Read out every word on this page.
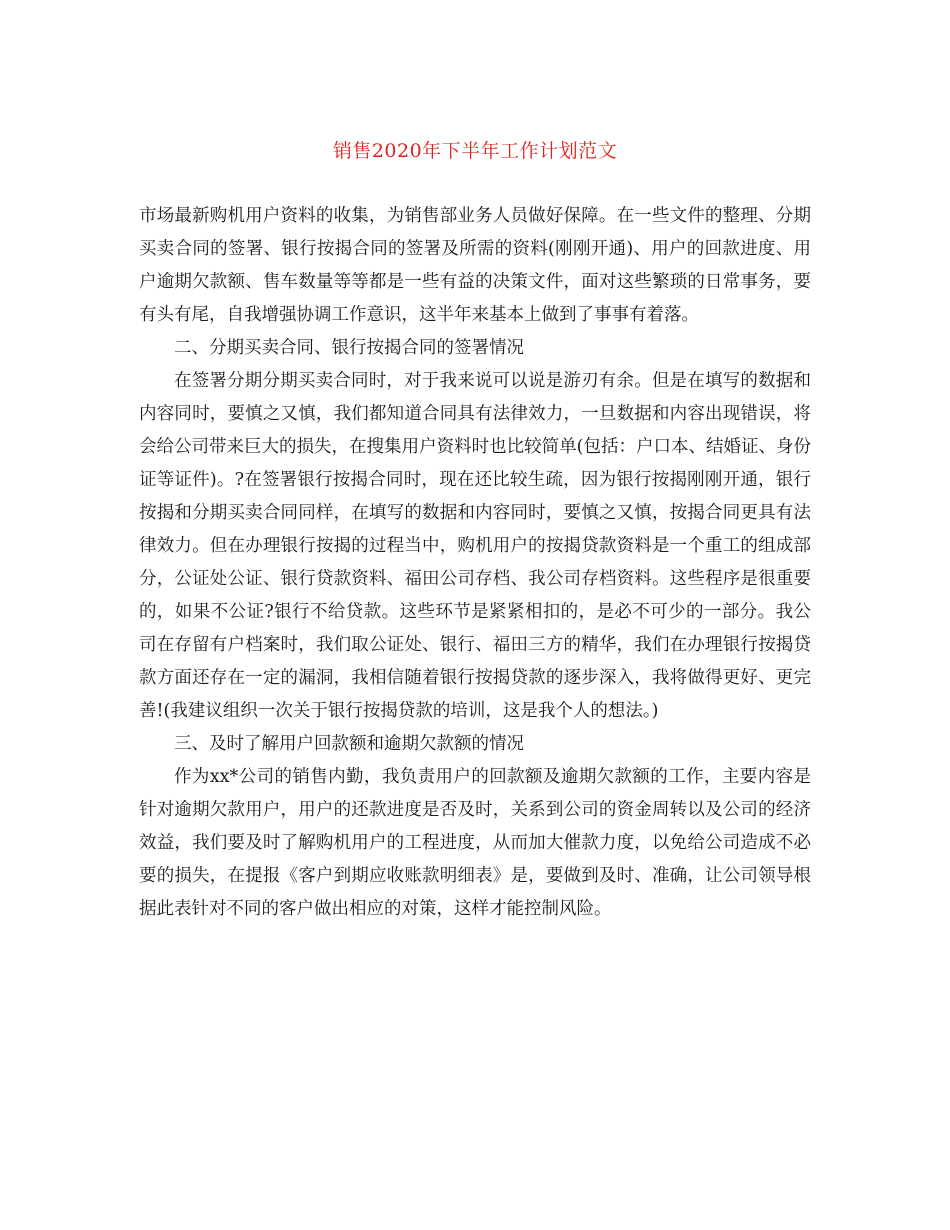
销售2020年下半年工作计划范文

市场最新购机用户资料的收集，为销售部业务人员做好保障。在一些文件的整理、分期买卖合同的签署、银行按揭合同的签署及所需的资料(刚刚开通)、用户的回款进度、用户逾期欠款额、售车数量等等都是一些有益的决策文件，面对这些繁琐的日常事务，要有头有尾，自我增强协调工作意识，这半年来基本上做到了事事有着落。

二、分期买卖合同、银行按揭合同的签署情况

在签署分期分期买卖合同时，对于我来说可以说是游刃有余。但是在填写的数据和内容同时，要慎之又慎，我们都知道合同具有法律效力，一旦数据和内容出现错误，将会给公司带来巨大的损失，在搜集用户资料时也比较简单(包括：户口本、结婚证、身份证等证件)。?在签署银行按揭合同时，现在还比较生疏，因为银行按揭刚刚开通，银行按揭和分期买卖合同同样，在填写的数据和内容同时，要慎之又慎，按揭合同更具有法律效力。但在办理银行按揭的过程当中，购机用户的按揭贷款资料是一个重工的组成部分，公证处公证、银行贷款资料、福田公司存档、我公司存档资料。这些程序是很重要的，如果不公证?银行不给贷款。这些环节是紧紧相扣的，是必不可少的一部分。我公司在存留有户档案时，我们取公证处、银行、福田三方的精华，我们在办理银行按揭贷款方面还存在一定的漏洞，我相信随着银行按揭贷款的逐步深入，我将做得更好、更完善!(我建议组织一次关于银行按揭贷款的培训，这是我个人的想法。)

三、及时了解用户回款额和逾期欠款额的情况

作为xx*公司的销售内勤，我负责用户的回款额及逾期欠款额的工作，主要内容是针对逾期欠款用户，用户的还款进度是否及时，关系到公司的资金周转以及公司的经济效益，我们要及时了解购机用户的工程进度，从而加大催款力度，以免给公司造成不必要的损失，在提报《客户到期应收账款明细表》是，要做到及时、准确，让公司领导根据此表针对不同的客户做出相应的对策，这样才能控制风险。
